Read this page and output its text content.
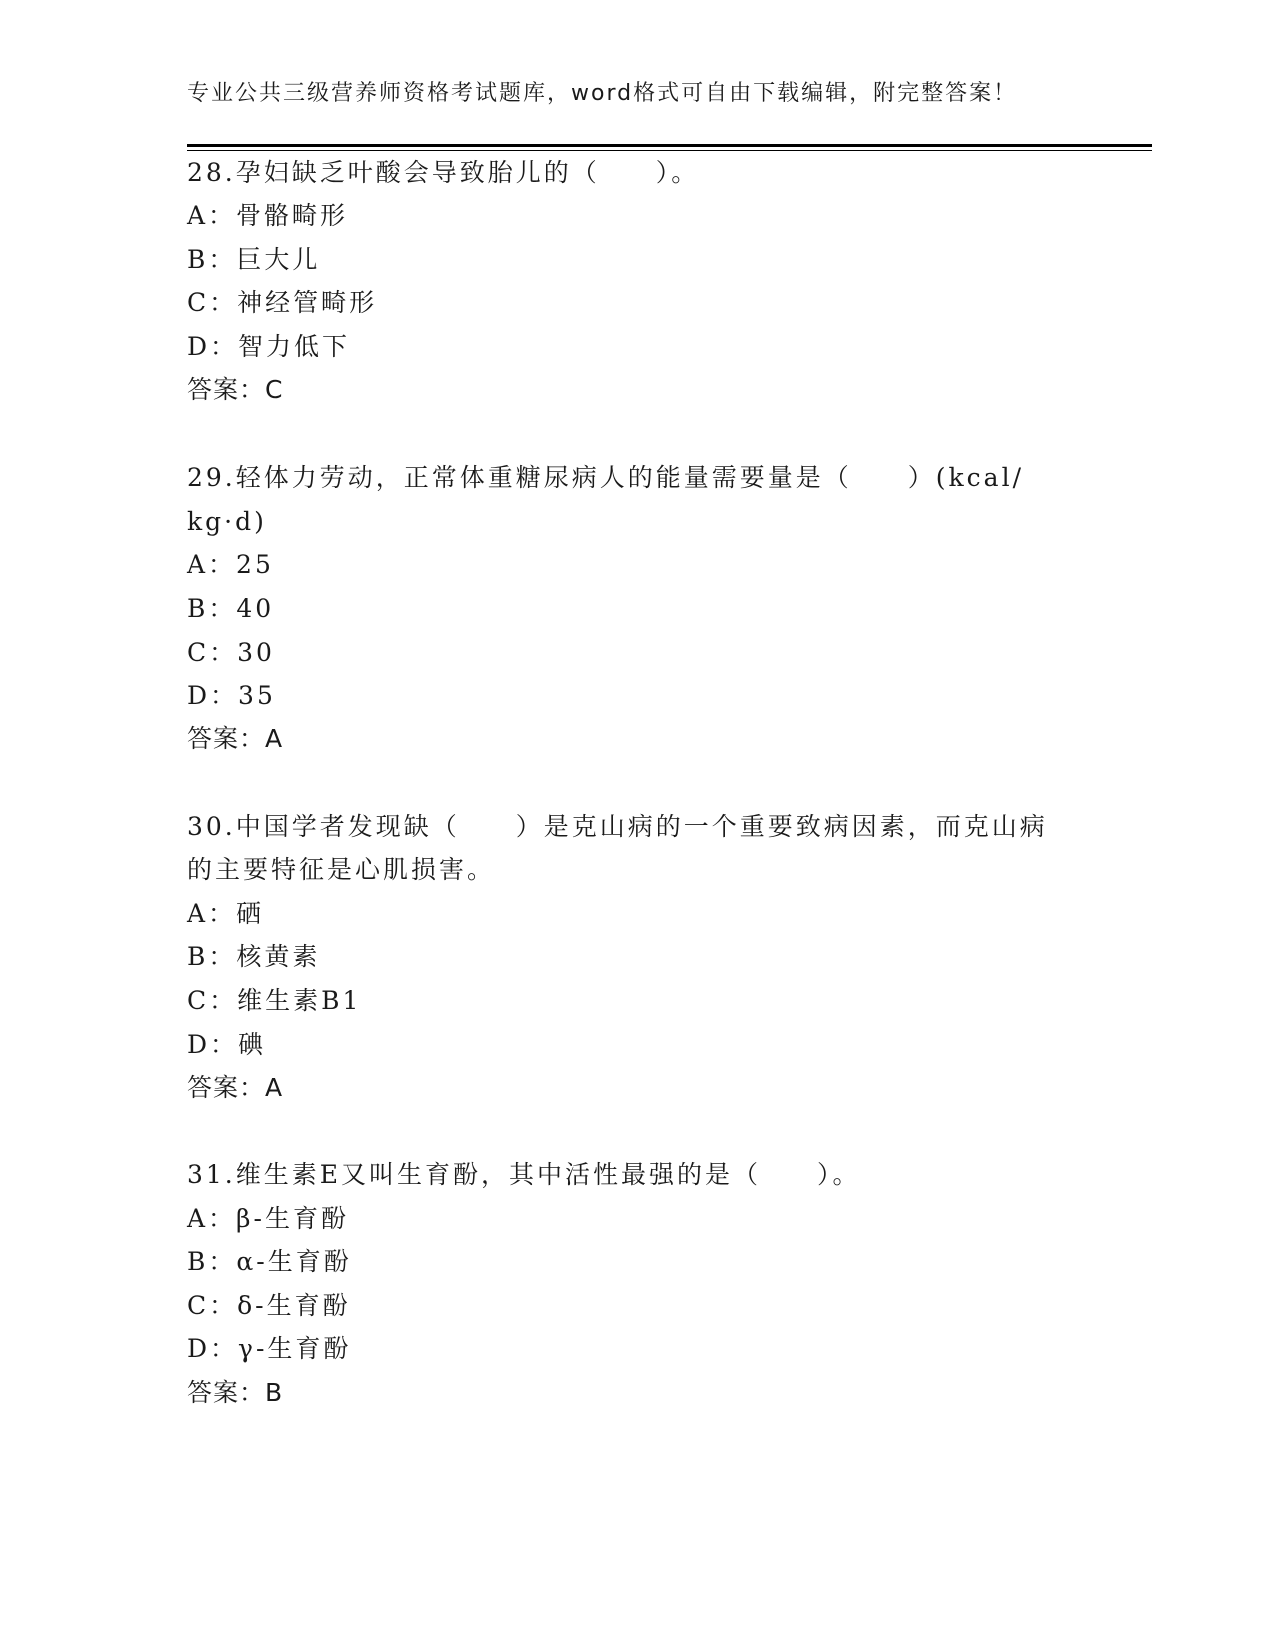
专业公共三级营养师资格考试题库，word格式可自由下载编辑，附完整答案！
28.孕妇缺乏叶酸会导致胎儿的（　　）。
A：骨骼畸形
B：巨大儿
C：神经管畸形
D：智力低下
答案：C
29.轻体力劳动，正常体重糖尿病人的能量需要量是（　　）(kcal/
kg·d)
A：25
B：40
C：30
D：35
答案：A
30.中国学者发现缺（　　）是克山病的一个重要致病因素，而克山病
的主要特征是心肌损害。
A：硒
B：核黄素
C：维生素B1
D：碘
答案：A
31.维生素E又叫生育酚，其中活性最强的是（　　）。
A：β-生育酚
B：α-生育酚
C：δ-生育酚
D：γ-生育酚
答案：B
